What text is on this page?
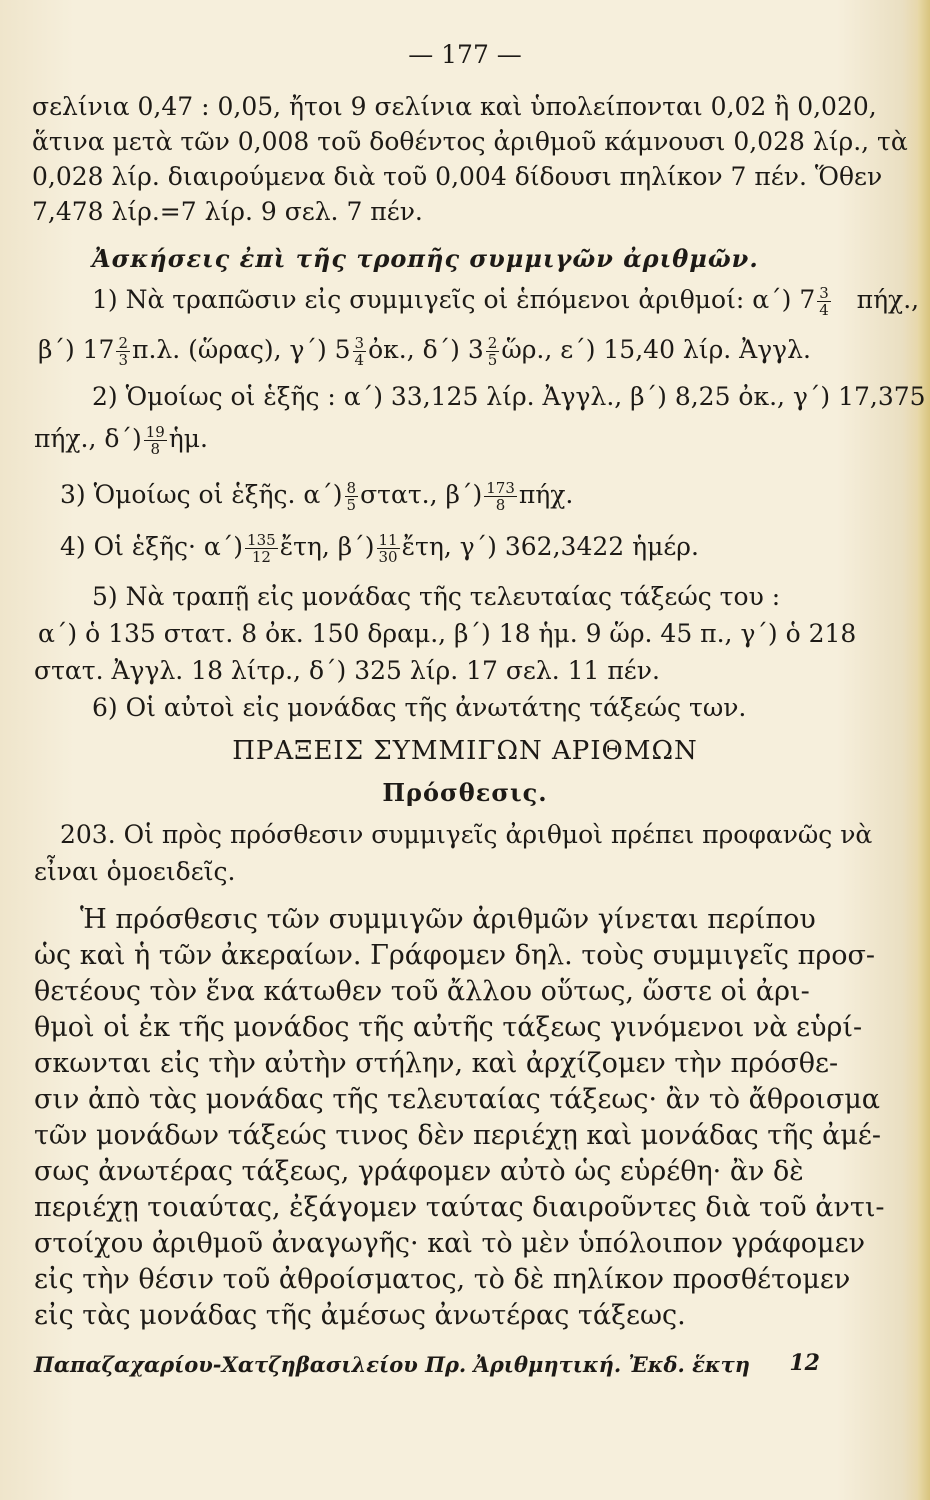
— 177 —
σελίνια 0,47 : 0,05, ἤτοι 9 σελίνια καὶ ὑπολείπονται 0,02 ἢ 0,020,
ἅτινα μετὰ τῶν 0,008 τοῦ δοθέντος ἀριθμοῦ κάμνουσι 0,028 λίρ., τὰ
0,028 λίρ. διαιρούμενα διὰ τοῦ 0,004 δίδουσι πηλίκον 7 πέν. Ὅθεν
7,478 λίρ.=7 λίρ. 9 σελ. 7 πέν.
Ἀσκήσεις ἐπὶ τῆς τροπῆς συμμιγῶν ἀριθμῶν.
1) Νὰ τραπῶσιν εἰς συμμιγεῖς οἱ ἑπόμενοι ἀριθμοί: α΄) $7 \frac{3}{4} \pi ή\chi$.,
β΄) $17 \frac{2}{3} \pi.\lambda$. (ὥρας), γ΄) $5 \frac{3}{4}$ ὀκ., δ΄) $3 \frac{2}{5}$ ὥρ., ε΄) 15,40 λίρ. Ἀγγλ.
2) Ὁμοίως οἱ ἑξῆς : α΄) 33,125 λίρ. Ἀγγλ., β΄) 8,25 ὀκ., γ΄) 17,375
πήχ., $\delta΄) \frac{19}{8}$ ἡμ.
3) Ὁμοίως οἱ ἑξῆς. $\alpha΄) \frac{8}{5} \sigma\tau\alpha\tau$., $\beta΄) \frac{173}{8} \pi ή\chi$.
4) Οἱ ἑξῆς· $\alpha΄) \frac{135}{12}$ ἔτη, $\beta΄) \frac{11}{30}$ ἔτη, γ΄) 362,3422 ἡμέρ.
5) Νὰ τραπῇ εἰς μονάδας τῆς τελευταίας τάξεώς του :
α΄) ὁ 135 στατ. 8 ὀκ. 150 δραμ., β΄) 18 ἡμ. 9 ὥρ. 45 π., γ΄) ὁ 218
στατ. Ἀγγλ. 18 λίτρ., δ΄) 325 λίρ. 17 σελ. 11 πέν.
6) Οἱ αὐτοὶ εἰς μονάδας τῆς ἀνωτάτης τάξεώς των.
ΠΡΑΞΕΙΣ ΣΥΜΜΙΓΩΝ ΑΡΙΘΜΩΝ
Πρόσθεσις.
203. Οἱ πρὸς πρόσθεσιν συμμιγεῖς ἀριθμοὶ πρέπει προφανῶς νὰ
εἶναι ὁμοειδεῖς.
Ἡ πρόσθεσις τῶν συμμιγῶν ἀριθμῶν γίνεται περίπου
ὡς καὶ ἡ τῶν ἀκεραίων. Γράφομεν δηλ. τοὺς συμμιγεῖς προσ-
θετέους τὸν ἕνα κάτωθεν τοῦ ἄλλου οὕτως, ὥστε οἱ ἀρι-
θμοὶ οἱ ἐκ τῆς μονάδος τῆς αὐτῆς τάξεως γινόμενοι νὰ εὑρί-
σκωνται εἰς τὴν αὐτὴν στήλην, καὶ ἀρχίζομεν τὴν πρόσθε-
σιν ἀπὸ τὰς μονάδας τῆς τελευταίας τάξεως· ἂν τὸ ἄθροισμα
τῶν μονάδων τάξεώς τινος δὲν περιέχῃ καὶ μονάδας τῆς ἀμέ-
σως ἀνωτέρας τάξεως, γράφομεν αὐτὸ ὡς εὑρέθη· ἂν δὲ
περιέχῃ τοιαύτας, ἐξάγομεν ταύτας διαιροῦντες διὰ τοῦ ἀντι-
στοίχου ἀριθμοῦ ἀναγωγῆς· καὶ τὸ μὲν ὑπόλοιπον γράφομεν
εἰς τὴν θέσιν τοῦ ἀθροίσματος, τὸ δὲ πηλίκον προσθέτομεν
εἰς τὰς μονάδας τῆς ἀμέσως ἀνωτέρας τάξεως.
Παπαζαχαρίου-Χατζηβασιλείου Πρ. Ἀριθμητική. Ἐκδ. ἕκτη	12
